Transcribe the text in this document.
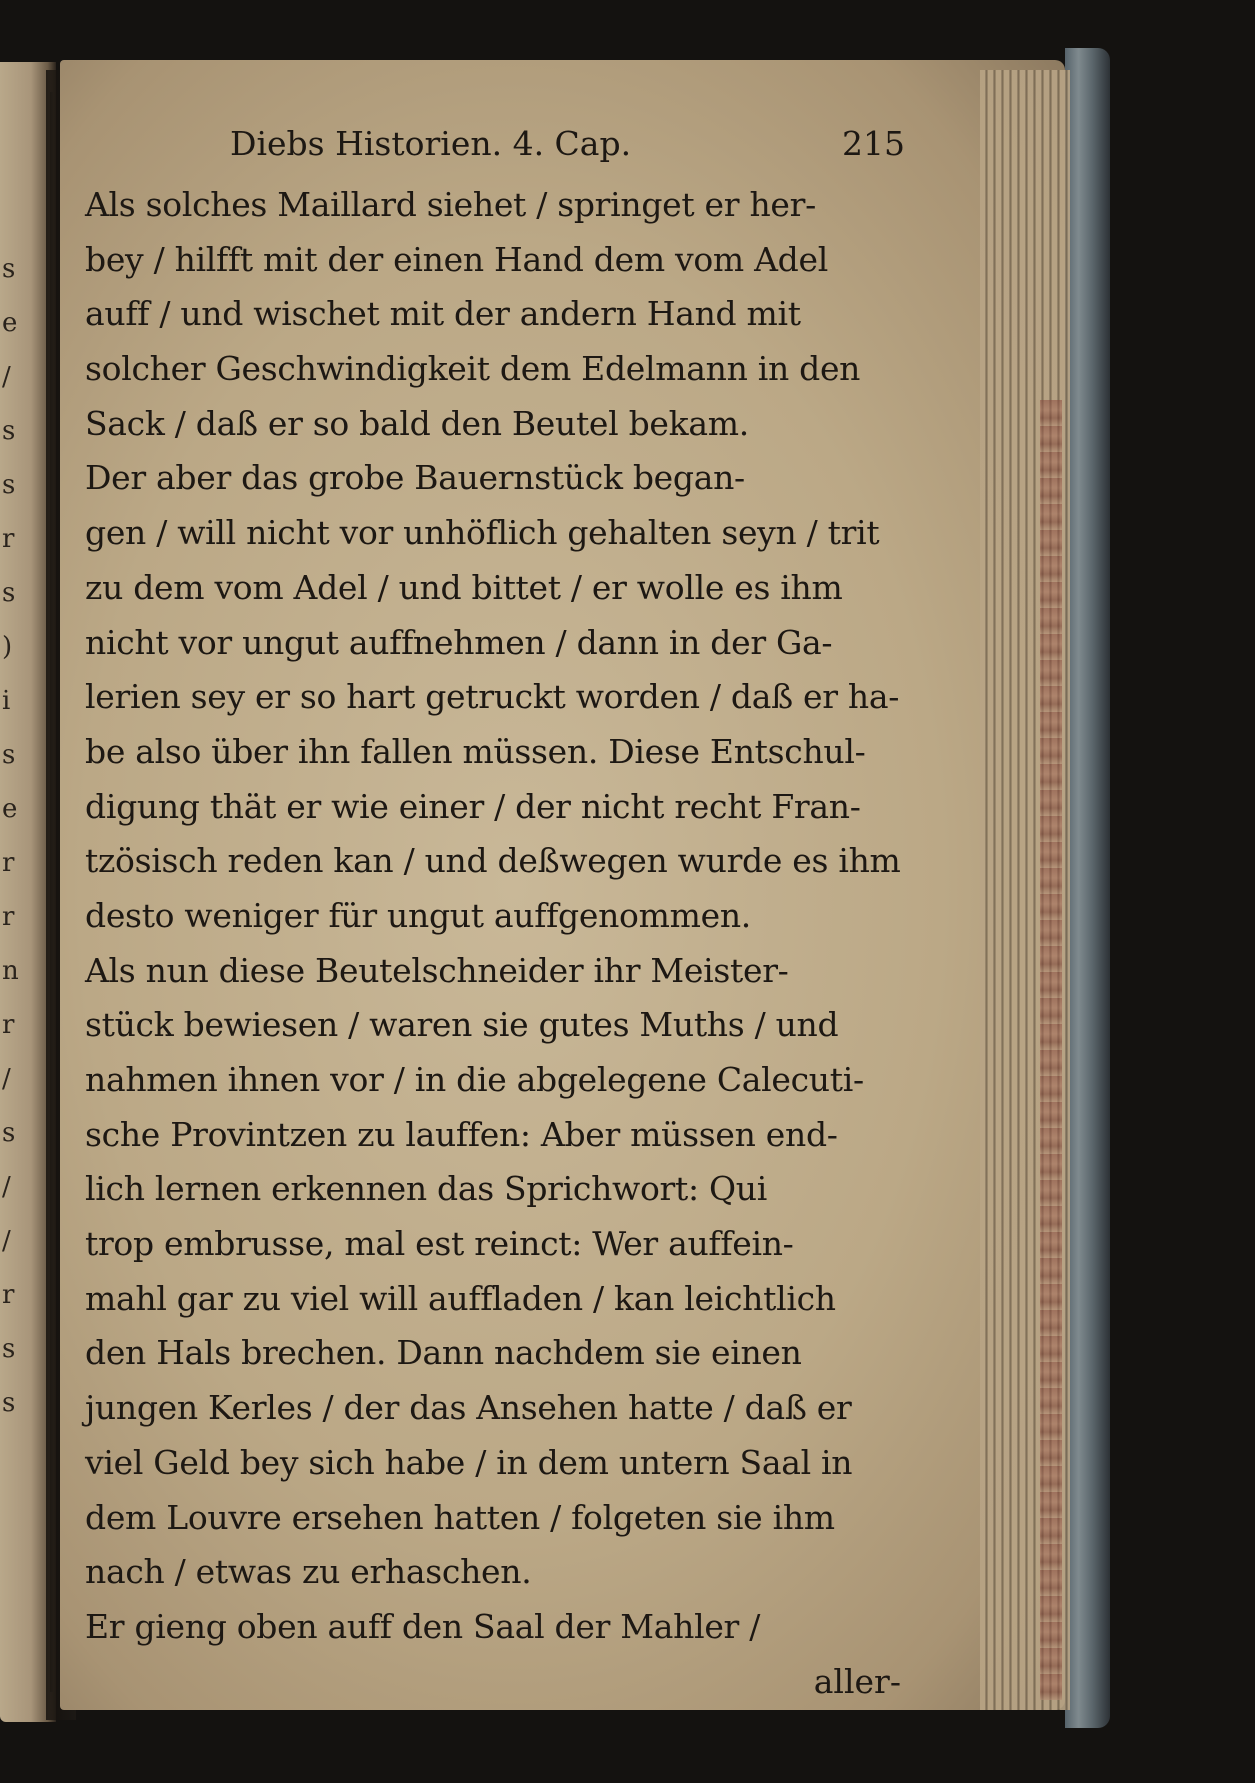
s
e
/
s
s
r
s
)
i
s
e
r
r
n
r
/
s
/
/
r
s
s
Diebs Historien. 4. Cap.	215
Als solches Maillard siehet / springet er her-
bey / hilfft mit der einen Hand dem vom Adel
auff / und wischet mit der andern Hand mit
solcher Geschwindigkeit dem Edelmann in den
Sack / daß er so bald den Beutel bekam.
Der aber das grobe Bauernstück began-
gen / will nicht vor unhöflich gehalten seyn / trit
zu dem vom Adel / und bittet / er wolle es ihm
nicht vor ungut auffnehmen / dann in der Ga-
lerien sey er so hart getruckt worden / daß er ha-
be also über ihn fallen müssen. Diese Entschul-
digung thät er wie einer / der nicht recht Fran-
tzösisch reden kan / und deßwegen wurde es ihm
desto weniger für ungut auffgenommen.
Als nun diese Beutelschneider ihr Meister-
stück bewiesen / waren sie gutes Muths / und
nahmen ihnen vor / in die abgelegene Calecuti-
sche Provintzen zu lauffen: Aber müssen end-
lich lernen erkennen das Sprichwort: Qui
trop embrusse, mal est reinct: Wer auffein-
mahl gar zu viel will auffladen / kan leichtlich
den Hals brechen. Dann nachdem sie einen
jungen Kerles / der das Ansehen hatte / daß er
viel Geld bey sich habe / in dem untern Saal in
dem Louvre ersehen hatten / folgeten sie ihm
nach / etwas zu erhaschen.
Er gieng oben auff den Saal der Mahler /
aller-
